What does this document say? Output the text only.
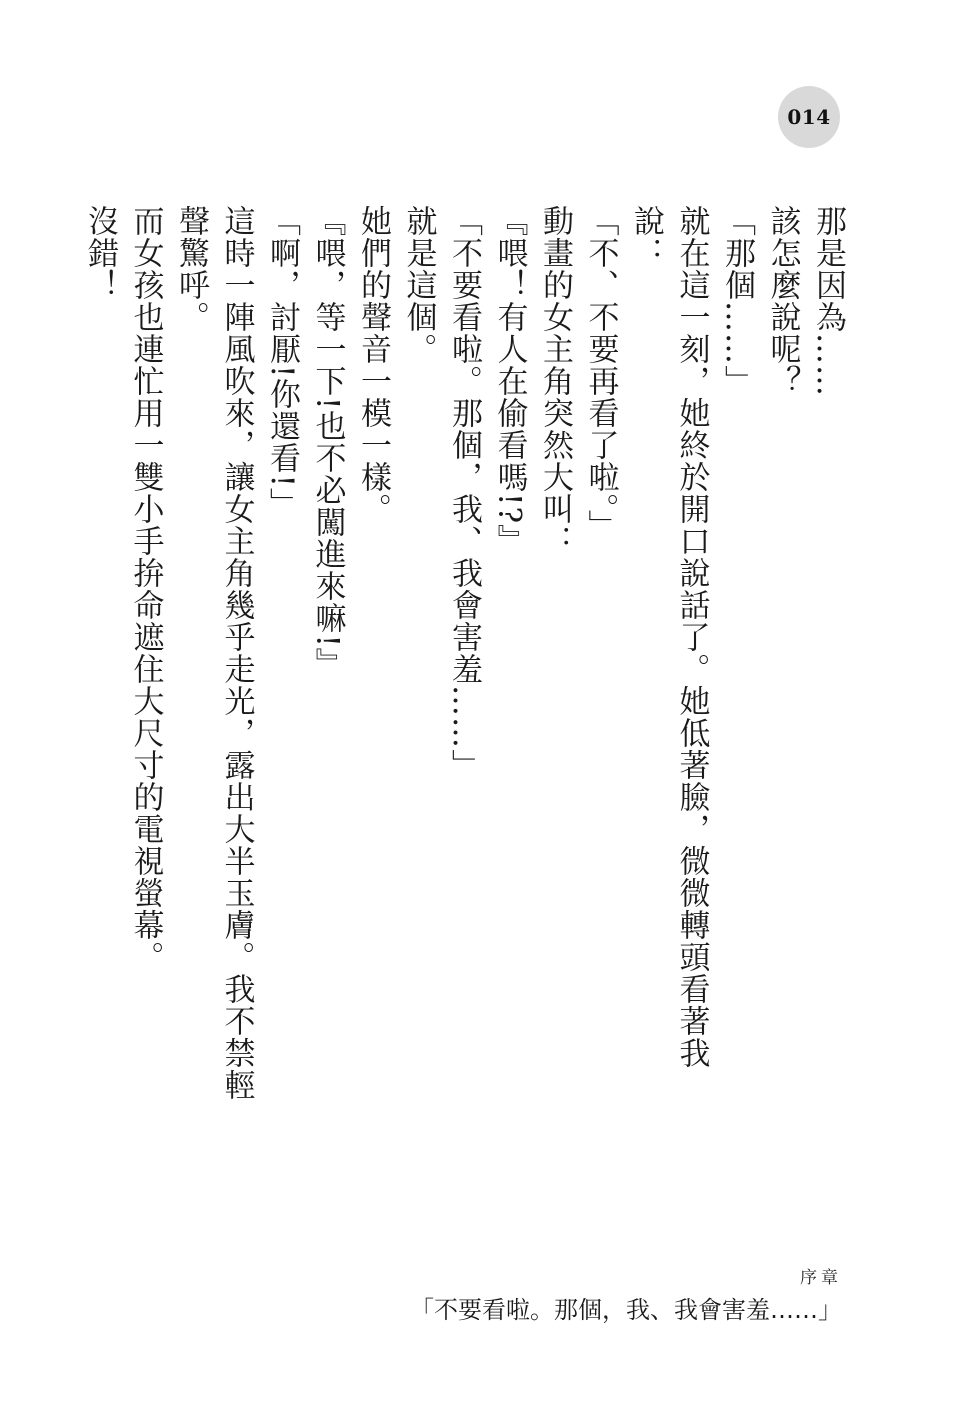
014

那是因為……

該怎麼說呢？

「那個……」

就在這一刻，她終於開口說話了。她低著臉，微微轉頭看著我說：

「不、不要再看了啦。」

動畫的女主角突然大叫：

『喂！有人在偷看嗎!?』

「不要看啦。那個，我、我會害羞……」

就是這個。

她們的聲音一模一樣。

『喂，等一下!也不必闖進來嘛!』

「啊，討厭!你還看!」

這時一陣風吹來，讓女主角幾乎走光，露出大半玉膚。我不禁輕聲驚呼。

而女孩也連忙用一雙小手拚命遮住大尺寸的電視螢幕。

沒錯！

序章
「不要看啦。那個，我、我會害羞……」
